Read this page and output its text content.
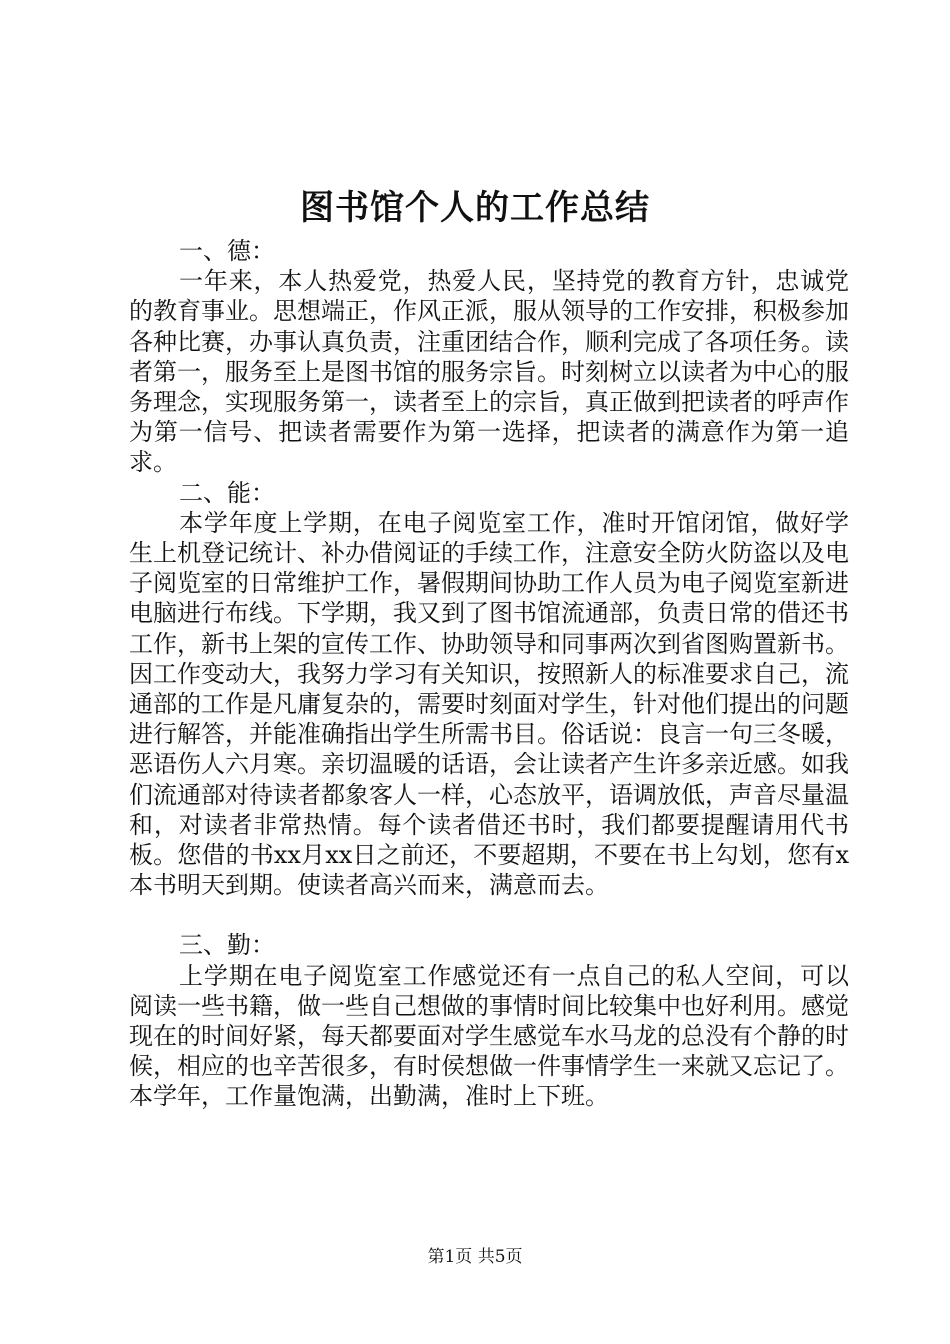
图书馆个人的工作总结

一、德：

一年来，本人热爱党，热爱人民，坚持党的教育方针，忠诚党的教育事业。思想端正，作风正派，服从领导的工作安排，积极参加各种比赛，办事认真负责，注重团结合作，顺利完成了各项任务。读者第一，服务至上是图书馆的服务宗旨。时刻树立以读者为中心的服务理念，实现服务第一，读者至上的宗旨，真正做到把读者的呼声作为第一信号、把读者需要作为第一选择，把读者的满意作为第一追求。

二、能：

本学年度上学期，在电子阅览室工作，准时开馆闭馆，做好学生上机登记统计、补办借阅证的手续工作，注意安全防火防盗以及电子阅览室的日常维护工作，暑假期间协助工作人员为电子阅览室新进电脑进行布线。下学期，我又到了图书馆流通部，负责日常的借还书工作，新书上架的宣传工作、协助领导和同事两次到省图购置新书。因工作变动大，我努力学习有关知识，按照新人的标准要求自己，流通部的工作是凡庸复杂的，需要时刻面对学生，针对他们提出的问题进行解答，并能准确指出学生所需书目。俗话说：良言一句三冬暖，恶语伤人六月寒。亲切温暖的话语，会让读者产生许多亲近感。如我们流通部对待读者都象客人一样，心态放平，语调放低，声音尽量温和，对读者非常热情。每个读者借还书时，我们都要提醒请用代书板。您借的书xx月xx日之前还，不要超期，不要在书上勾划，您有x本书明天到期。使读者高兴而来，满意而去。

三、勤：

上学期在电子阅览室工作感觉还有一点自己的私人空间，可以阅读一些书籍，做一些自己想做的事情时间比较集中也好利用。感觉现在的时间好紧，每天都要面对学生感觉车水马龙的总没有个静的时候，相应的也辛苦很多，有时侯想做一件事情学生一来就又忘记了。本学年，工作量饱满，出勤满，准时上下班。

第1页 共5页
